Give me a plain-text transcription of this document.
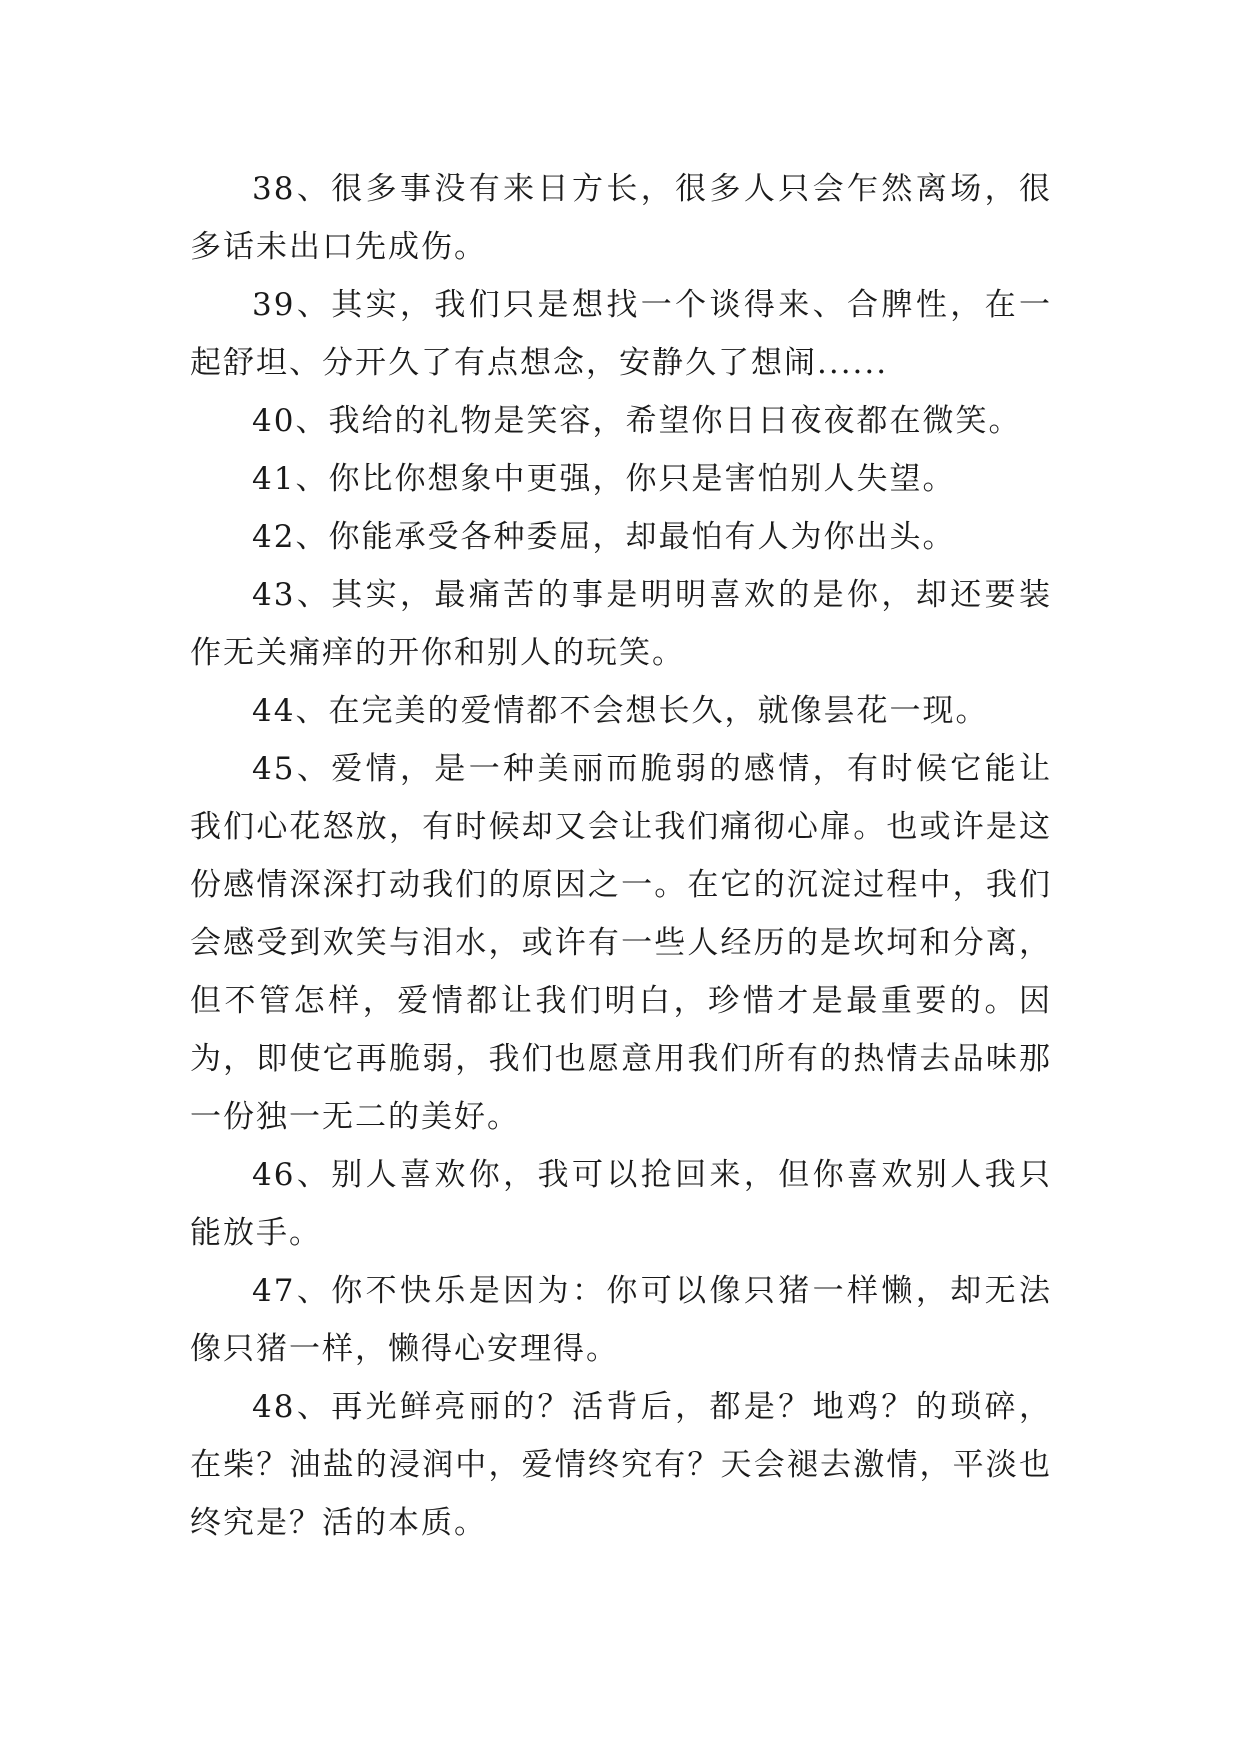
38、很多事没有来日方长，很多人只会乍然离场，很多话未出口先成伤。

39、其实，我们只是想找一个谈得来、合脾性，在一起舒坦、分开久了有点想念，安静久了想闹......

40、我给的礼物是笑容，希望你日日夜夜都在微笑。

41、你比你想象中更强，你只是害怕别人失望。

42、你能承受各种委屈，却最怕有人为你出头。

43、其实，最痛苦的事是明明喜欢的是你，却还要装作无关痛痒的开你和别人的玩笑。

44、在完美的爱情都不会想长久，就像昙花一现。

45、爱情，是一种美丽而脆弱的感情，有时候它能让我们心花怒放，有时候却又会让我们痛彻心扉。也或许是这份感情深深打动我们的原因之一。在它的沉淀过程中，我们会感受到欢笑与泪水，或许有一些人经历的是坎坷和分离，但不管怎样，爱情都让我们明白，珍惜才是最重要的。因为，即使它再脆弱，我们也愿意用我们所有的热情去品味那一份独一无二的美好。

46、别人喜欢你，我可以抢回来，但你喜欢别人我只能放手。

47、你不快乐是因为：你可以像只猪一样懒，却无法像只猪一样，懒得心安理得。

48、再光鲜亮丽的？活背后，都是？地鸡？的琐碎，在柴？油盐的浸润中，爱情终究有？天会褪去激情，平淡也终究是？活的本质。
